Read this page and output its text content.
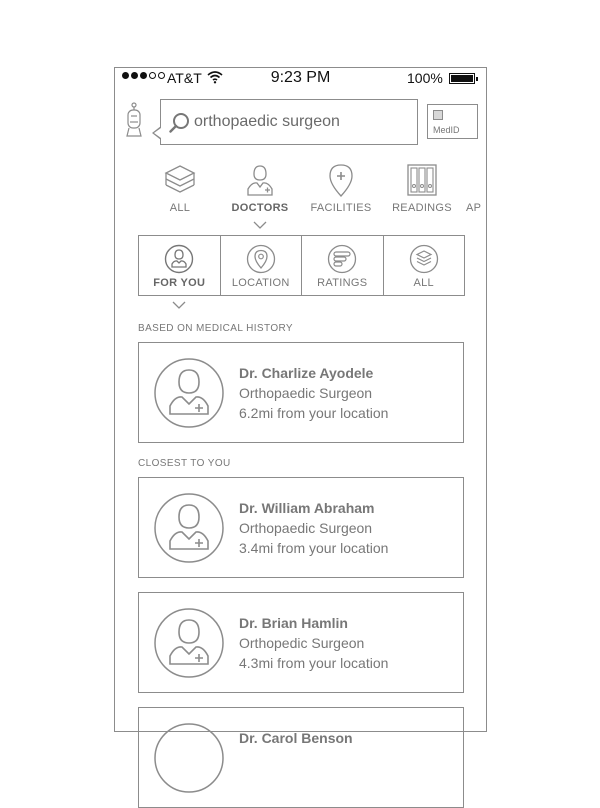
AT&T	9:23 PM	100%
orthopaedic surgeon	MedID
ALL	DOCTORS	FACILITIES	READINGS	AP
FOR YOU	LOCATION	RATINGS	ALL
BASED ON MEDICAL HISTORY
Dr. Charlize Ayodele
Orthopaedic Surgeon
6.2mi from your location
CLOSEST TO YOU
Dr. William Abraham
Orthopaedic Surgeon
3.4mi from your location
Dr. Brian Hamlin
Orthopedic Surgeon
4.3mi from your location
Dr. Carol Benson
